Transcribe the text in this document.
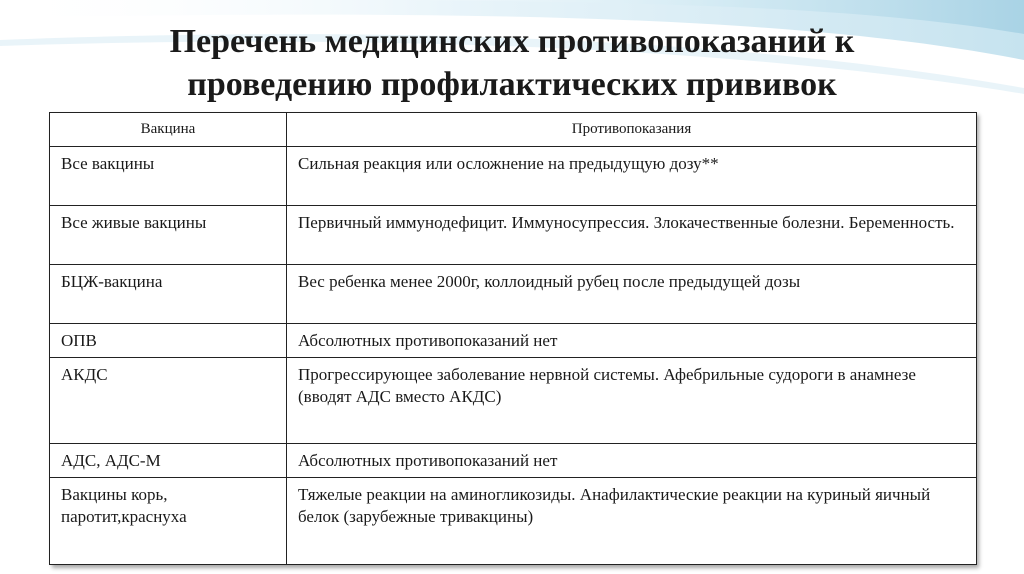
Перечень медицинских противопоказаний к
проведению профилактических прививок
Вакцина	Противопоказания
Все вакцины	Сильная реакция или осложнение на предыдущую дозу**
Все живые вакцины	Первичный иммунодефицит. Иммуносупрессия. Злокачественные болезни. Беременность.
БЦЖ-вакцина	Вес ребенка менее 2000г, коллоидный рубец после предыдущей дозы
ОПВ	Абсолютных противопоказаний нет
АКДС	Прогрессирующее заболевание нервной системы. Афебрильные судороги в анамнезе (вводят АДС вместо АКДС)
АДС, АДС-М	Абсолютных противопоказаний нет
Вакцины корь, паротит,краснуха	Тяжелые реакции на аминогликозиды. Анафилактические реакции на куриный яичный белок (зарубежные тривакцины)
